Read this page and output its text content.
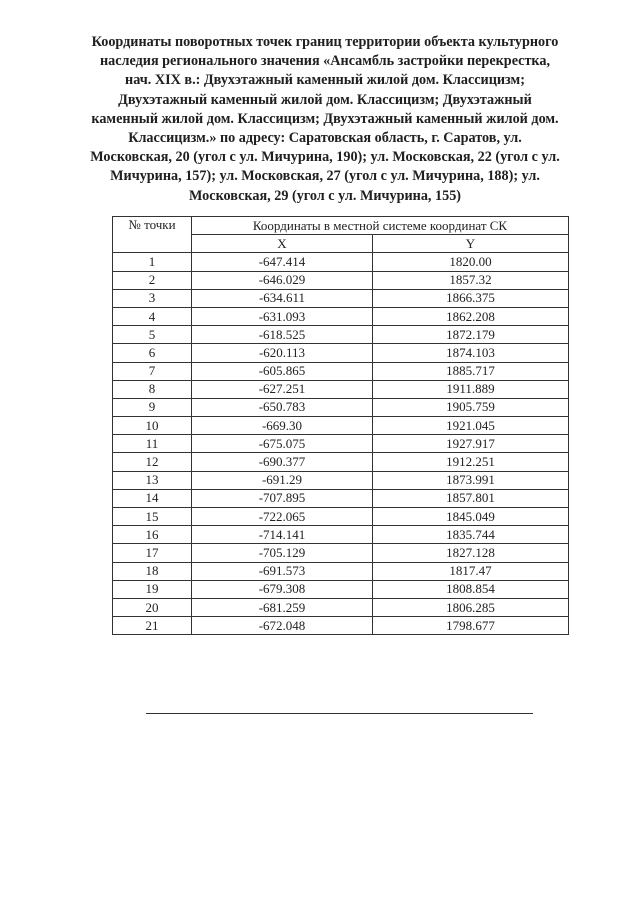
Координаты поворотных точек границ территории объекта культурного
наследия регионального значения «Ансамбль застройки перекрестка,
нач. XIX в.: Двухэтажный каменный жилой дом. Классицизм;
Двухэтажный каменный жилой дом. Классицизм; Двухэтажный
каменный жилой дом. Классицизм; Двухэтажный каменный жилой дом.
Классицизм.» по адресу: Саратовская область, г. Саратов, ул.
Московская, 20 (угол с ул. Мичурина, 190); ул. Московская, 22 (угол с ул.
Мичурина, 157); ул. Московская, 27 (угол с ул. Мичурина, 188); ул.
Московская, 29 (угол с ул. Мичурина, 155)
№ точки	Координаты в местной системе координат СК	
	X	Y
1	-647.414	1820.00
2	-646.029	1857.32
3	-634.611	1866.375
4	-631.093	1862.208
5	-618.525	1872.179
6	-620.113	1874.103
7	-605.865	1885.717
8	-627.251	1911.889
9	-650.783	1905.759
10	-669.30	1921.045
11	-675.075	1927.917
12	-690.377	1912.251
13	-691.29	1873.991
14	-707.895	1857.801
15	-722.065	1845.049
16	-714.141	1835.744
17	-705.129	1827.128
18	-691.573	1817.47
19	-679.308	1808.854
20	-681.259	1806.285
21	-672.048	1798.677
